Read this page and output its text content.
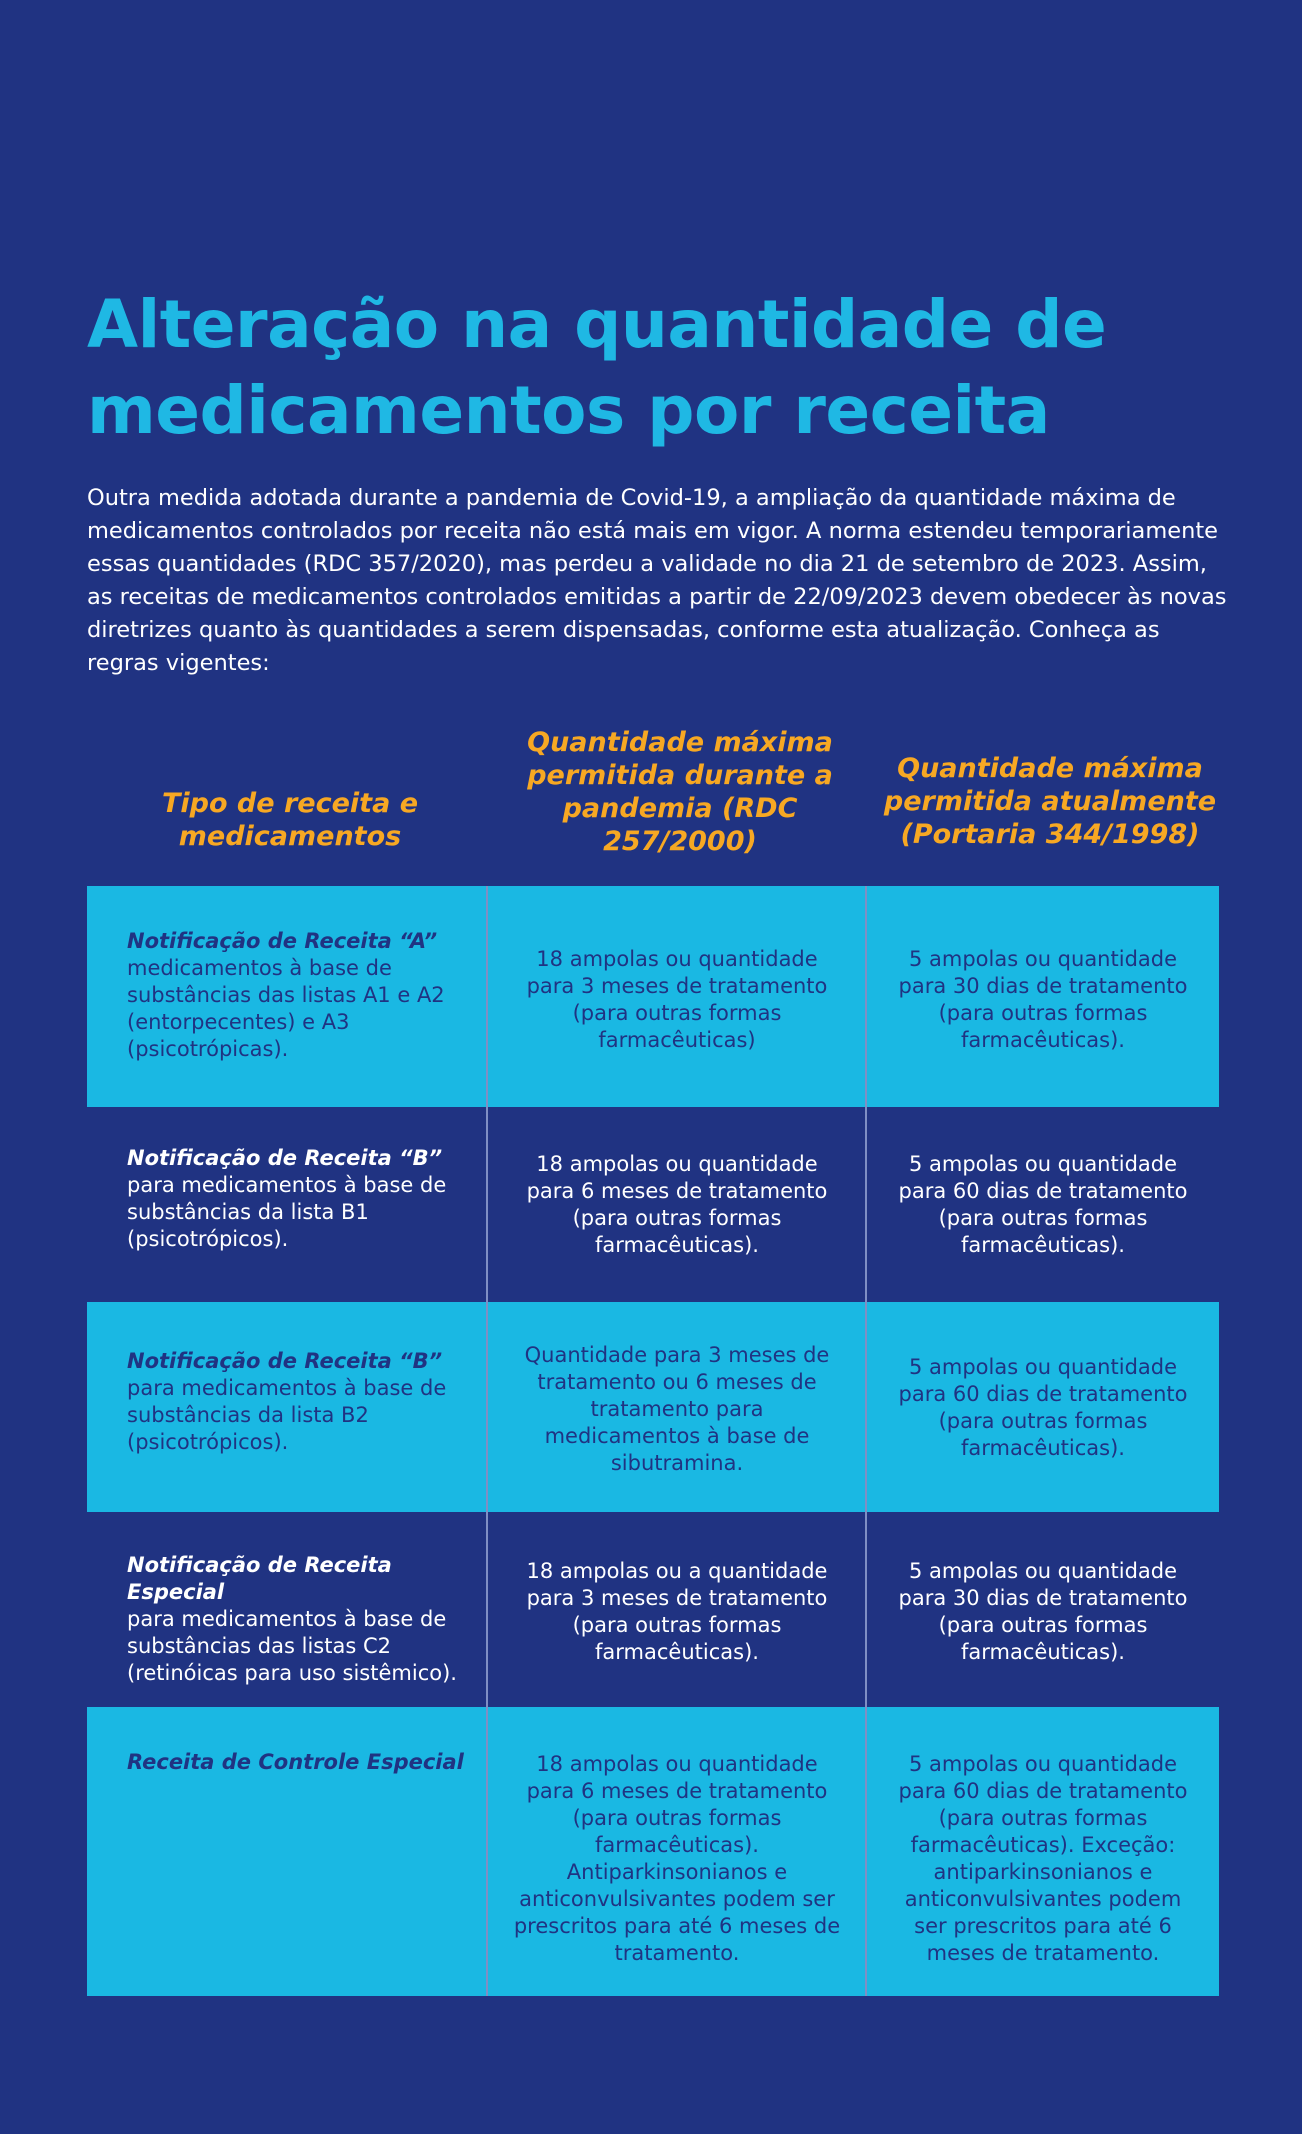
Alteração na quantidade de medicamentos por receita

Outra medida adotada durante a pandemia de Covid-19, a ampliação da quantidade máxima de medicamentos controlados por receita não está mais em vigor. A norma estendeu temporariamente essas quantidades (RDC 357/2020), mas perdeu a validade no dia 21 de setembro de 2023. Assim, as receitas de medicamentos controlados emitidas a partir de 22/09/2023 devem obedecer às novas diretrizes quanto às quantidades a serem dispensadas, conforme esta atualização. Conheça as regras vigentes:

Tipo de receita e medicamentos
Quantidade máxima permitida durante a pandemia (RDC 257/2000)
Quantidade máxima permitida atualmente (Portaria 344/1998)
Notificação de Receita “A”
medicamentos à base de substâncias das listas A1 e A2 (entorpecentes) e A3 (psicotrópicas).
18 ampolas ou quantidade para 3 meses de tratamento (para outras formas farmacêuticas)
5 ampolas ou quantidade para 30 dias de tratamento (para outras formas farmacêuticas).
Notificação de Receita “B”
para medicamentos à base de substâncias da lista B1 (psicotrópicos).
18 ampolas ou quantidade para 6 meses de tratamento (para outras formas farmacêuticas).
5 ampolas ou quantidade para 60 dias de tratamento (para outras formas farmacêuticas).
Notificação de Receita “B”
para medicamentos à base de substâncias da lista B2 (psicotrópicos).
Quantidade para 3 meses de tratamento ou 6 meses de tratamento para medicamentos à base de sibutramina.
5 ampolas ou quantidade para 60 dias de tratamento (para outras formas farmacêuticas).
Notificação de Receita Especial
para medicamentos à base de substâncias das listas C2 (retinóicas para uso sistêmico).
18 ampolas ou a quantidade para 3 meses de tratamento (para outras formas farmacêuticas).
5 ampolas ou quantidade para 30 dias de tratamento (para outras formas farmacêuticas).
Receita de Controle Especial	18 ampolas ou quantidade para 6 meses de tratamento (para outras formas farmacêuticas). Antiparkinsonianos e anticonvulsivantes podem ser prescritos para até 6 meses de tratamento.
5 ampolas ou quantidade para 60 dias de tratamento (para outras formas farmacêuticas). Exceção: antiparkinsonianos e anticonvulsivantes podem ser prescritos para até 6 meses de tratamento.
